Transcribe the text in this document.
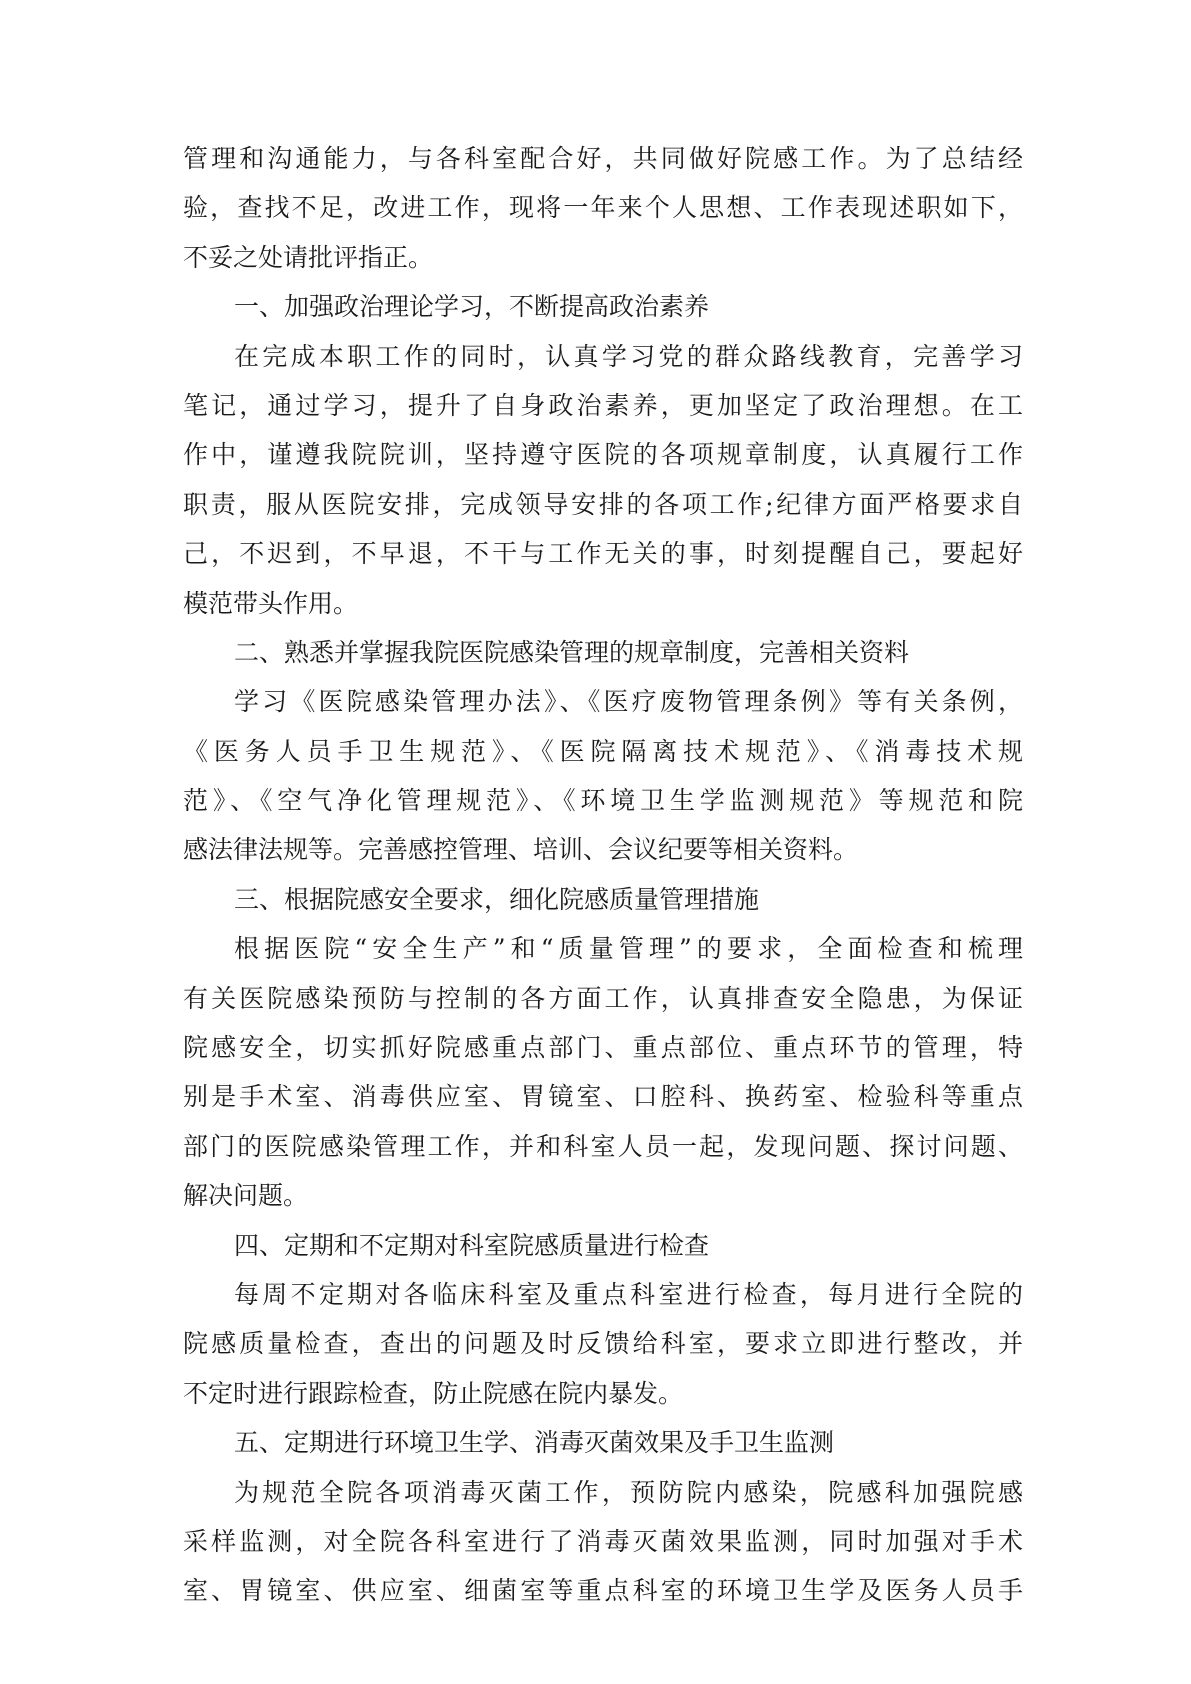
管理和沟通能力，与各科室配合好，共同做好院感工作。为了总结经
验，查找不足，改进工作，现将一年来个人思想、工作表现述职如下，
不妥之处请批评指正。
一、加强政治理论学习，不断提高政治素养
在完成本职工作的同时，认真学习党的群众路线教育，完善学习
笔记，通过学习，提升了自身政治素养，更加坚定了政治理想。在工
作中，谨遵我院院训，坚持遵守医院的各项规章制度，认真履行工作
职责，服从医院安排，完成领导安排的各项工作;纪律方面严格要求自
己，不迟到，不早退，不干与工作无关的事，时刻提醒自己，要起好
模范带头作用。
二、熟悉并掌握我院医院感染管理的规章制度，完善相关资料
学习《医院感染管理办法》、《医疗废物管理条例》等有关条例，
《医务人员手卫生规范》、《医院隔离技术规范》、《消毒技术规
范》、《空气净化管理规范》、《环境卫生学监测规范》等规范和院
感法律法规等。完善感控管理、培训、会议纪要等相关资料。
三、根据院感安全要求，细化院感质量管理措施
根据医院“安全生产”和“质量管理”的要求，全面检查和梳理
有关医院感染预防与控制的各方面工作，认真排查安全隐患，为保证
院感安全，切实抓好院感重点部门、重点部位、重点环节的管理，特
别是手术室、消毒供应室、胃镜室、口腔科、换药室、检验科等重点
部门的医院感染管理工作，并和科室人员一起，发现问题、探讨问题、
解决问题。
四、定期和不定期对科室院感质量进行检查
每周不定期对各临床科室及重点科室进行检查，每月进行全院的
院感质量检查，查出的问题及时反馈给科室，要求立即进行整改，并
不定时进行跟踪检查，防止院感在院内暴发。
五、定期进行环境卫生学、消毒灭菌效果及手卫生监测
为规范全院各项消毒灭菌工作，预防院内感染，院感科加强院感
采样监测，对全院各科室进行了消毒灭菌效果监测，同时加强对手术
室、胃镜室、供应室、细菌室等重点科室的环境卫生学及医务人员手
